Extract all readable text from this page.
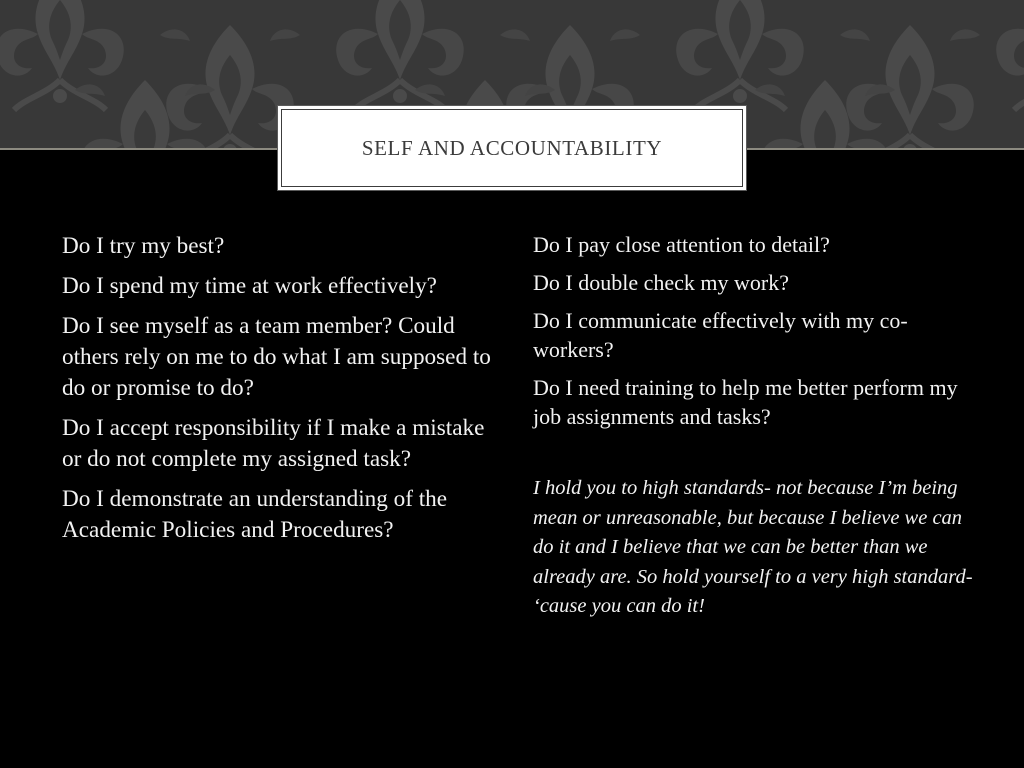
SELF AND ACCOUNTABILITY

Do I try my best?

Do I spend my time at work effectively?

Do I see myself as a team member? Could others rely on me to do what I am supposed to do or promise to do?

Do I accept responsibility if I make a mistake or do not complete my assigned task?

Do I demonstrate an understanding of the Academic Policies and Procedures?

Do I pay close attention to detail?

Do I double check my work?

Do I communicate effectively with my co-workers?

Do I need training to help me better perform my job assignments and tasks?

I hold you to high standards- not because I’m being mean or unreasonable, but because I believe we can do it and I believe that we can be better than we already are. So hold yourself to a very high standard- ‘cause you can do it!
